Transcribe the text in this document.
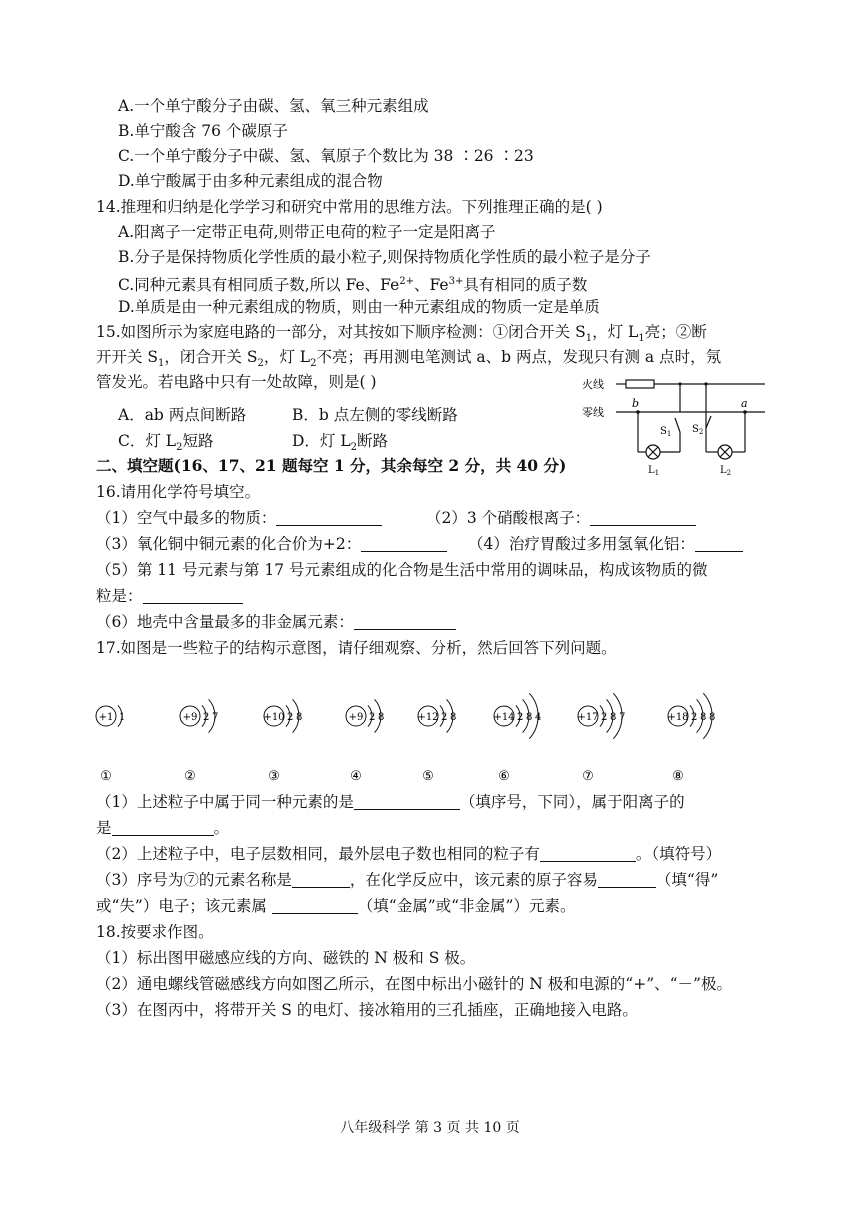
A.一个单宁酸分子由碳、氢、氧三种元素组成
B.单宁酸含 76 个碳原子
C.一个单宁酸分子中碳、氢、氧原子个数比为 38 ∶26 ∶23
D.单宁酸属于由多种元素组成的混合物
14.推理和归纳是化学学习和研究中常用的思维方法。下列推理正确的是( )
A.阳离子一定带正电荷,则带正电荷的粒子一定是阳离子
B.分子是保持物质化学性质的最小粒子,则保持物质化学性质的最小粒子是分子
C.同种元素具有相同质子数,所以 Fe、$Fe^{2+}$、$Fe^{3+}$具有相同的质子数
D.单质是由一种元素组成的物质，则由一种元素组成的物质一定是单质
15.如图所示为家庭电路的一部分，对其按如下顺序检测：①闭合开关 $S_1$，灯 $L_1$亮；②断
开开关 $S_1$，闭合开关 $S_2$，灯 $L_2$不亮；再用测电笔测试 a、b 两点，发现只有测 a 点时，氖
管发光。若电路中只有一处故障，则是( )
A．ab 两点间断路	B．b 点左侧的零线断路
C．灯 $L_2$短路	D．灯 $L_2$断路
火线
零线
b	a
$S_1$ $S_2$
$L_1$	$L_2$
二、填空题(16、17、21 题每空 1 分，其余每空 2 分，共 40 分)
16.请用化学符号填空。
（1）空气中最多的物质：	（2）3 个硝酸根离子：
（3）氧化铜中铜元素的化合价为+2：	（4）治疗胃酸过多用氢氧化铝：
（5）第 11 号元素与第 17 号元素组成的化合物是生活中常用的调味品，构成该物质的微
粒是：
（6）地壳中含量最多的非金属元素：
17.如图是一些粒子的结构示意图，请仔细观察、分析，然后回答下列问题。
+1 1
①
+9 2 7
②
+10 2 8
③
+9 2 8
④
+12 2 8
⑤
+14 2 8 4
⑥
+17 2 8 7
⑦
+18 2 8 8
⑧
（1）上述粒子中属于同一种元素的是	（填序号，下同），属于阳离子的
是	。
（2）上述粒子中，电子层数相同，最外层电子数也相同的粒子有	。（填符号）
（3）序号为⑦的元素名称是	，在化学反应中，该元素的原子容易	（填“得”
或“失”）电子；该元素属	（填“金属”或“非金属”）元素。
18.按要求作图。
（1）标出图甲磁感应线的方向、磁铁的 N 极和 S 极。
（2）通电螺线管磁感线方向如图乙所示，在图中标出小磁针的 N 极和电源的“+”、“－”极。
（3）在图丙中，将带开关 S 的电灯、接冰箱用的三孔插座，正确地接入电路。
八年级科学 第 3 页 共 10 页
